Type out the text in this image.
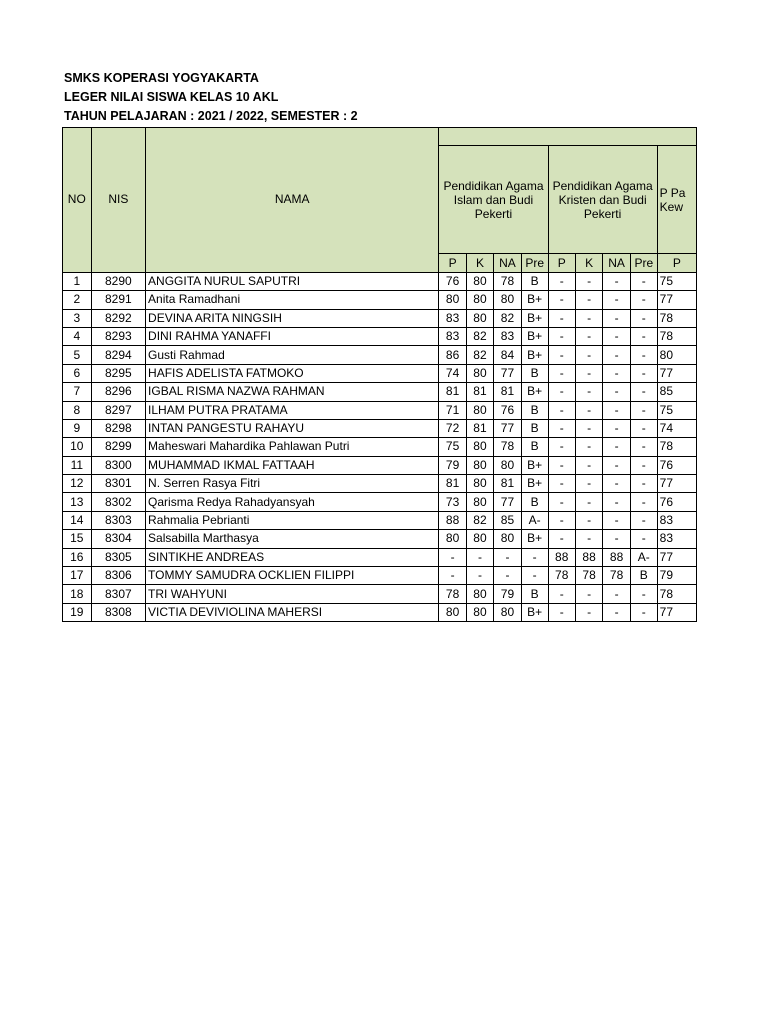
SMKS KOPERASI YOGYAKARTA
LEGER NILAI SISWA KELAS 10 AKL
TAHUN PELAJARAN : 2021 / 2022, SEMESTER : 2
NO	NIS	NAMA									
			Pendidikan Agama Islam dan Budi Pekerti				Pendidikan Agama Kristen dan Budi Pekerti				P Pa Kew
			P	K	NA	Pre	P	K	NA	Pre	P
1	8290	ANGGITA NURUL SAPUTRI	76	80	78	B	-	-	-	-	75
2	8291	Anita Ramadhani	80	80	80	B+	-	-	-	-	77
3	8292	DEVINA ARITA NINGSIH	83	80	82	B+	-	-	-	-	78
4	8293	DINI RAHMA YANAFFI	83	82	83	B+	-	-	-	-	78
5	8294	Gusti Rahmad	86	82	84	B+	-	-	-	-	80
6	8295	HAFIS ADELISTA FATMOKO	74	80	77	B	-	-	-	-	77
7	8296	IGBAL RISMA NAZWA RAHMAN	81	81	81	B+	-	-	-	-	85
8	8297	ILHAM PUTRA PRATAMA	71	80	76	B	-	-	-	-	75
9	8298	INTAN PANGESTU RAHAYU	72	81	77	B	-	-	-	-	74
10	8299	Maheswari Mahardika Pahlawan Putri	75	80	78	B	-	-	-	-	78
11	8300	MUHAMMAD IKMAL FATTAAH	79	80	80	B+	-	-	-	-	76
12	8301	N. Serren Rasya Fitri	81	80	81	B+	-	-	-	-	77
13	8302	Qarisma Redya Rahadyansyah	73	80	77	B	-	-	-	-	76
14	8303	Rahmalia Pebrianti	88	82	85	A-	-	-	-	-	83
15	8304	Salsabilla Marthasya	80	80	80	B+	-	-	-	-	83
16	8305	SINTIKHE ANDREAS	-	-	-	-	88	88	88	A-	77
17	8306	TOMMY SAMUDRA OCKLIEN FILIPPI	-	-	-	-	78	78	78	B	79
18	8307	TRI WAHYUNI	78	80	79	B	-	-	-	-	78
19	8308	VICTIA DEVIVIOLINA MAHERSI	80	80	80	B+	-	-	-	-	77
